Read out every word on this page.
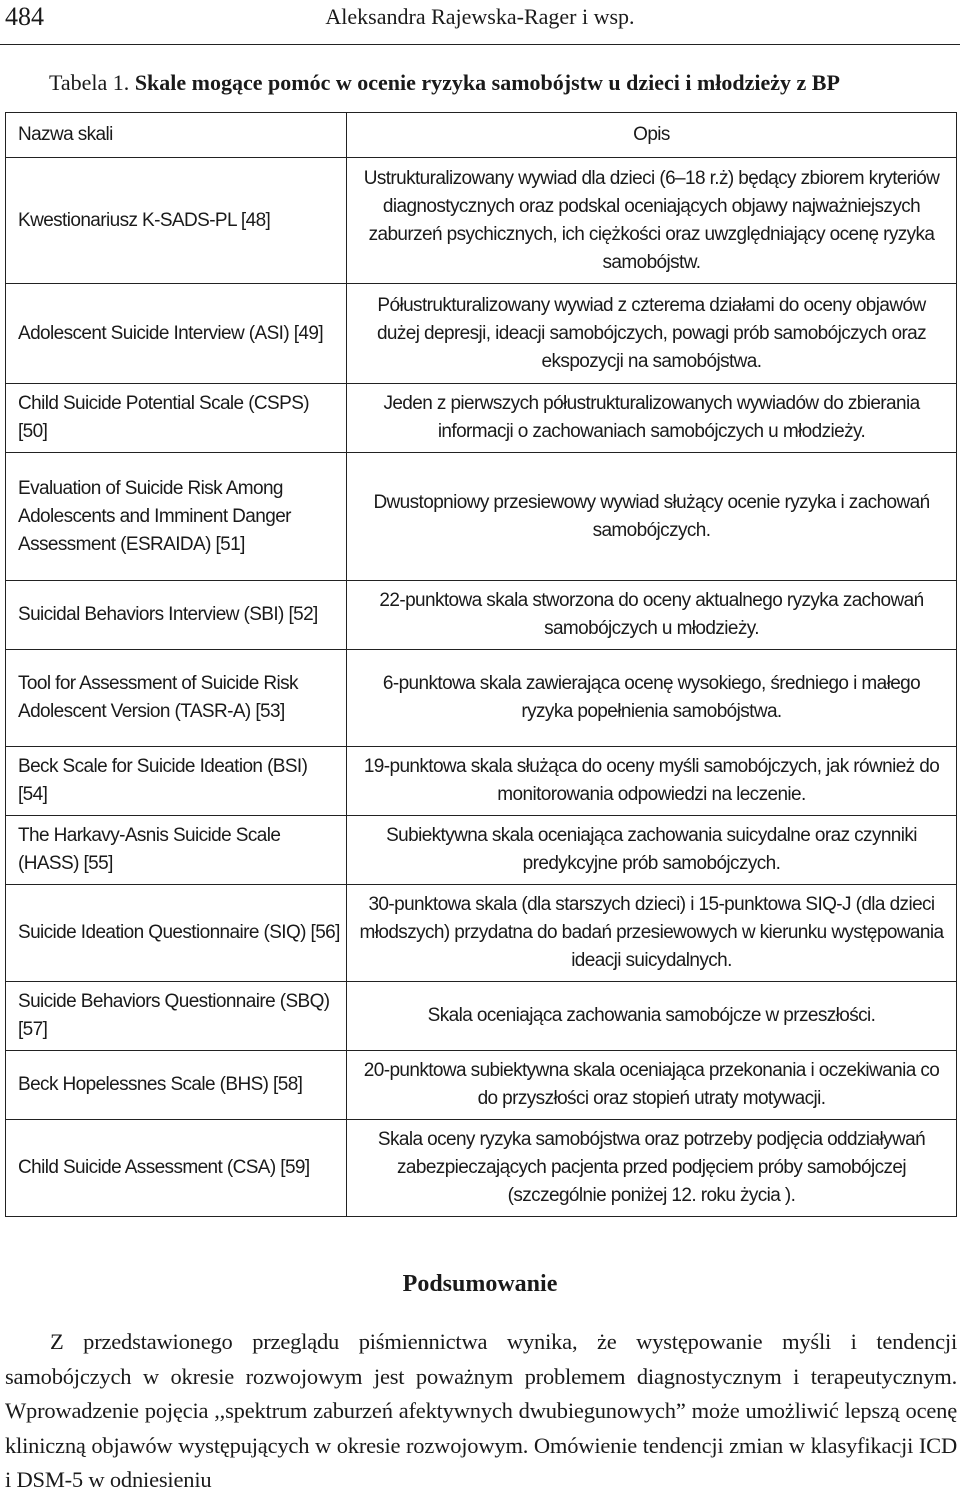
484	Aleksandra Rajewska-Rager i wsp.
Tabela 1. Skale mogące pomóc w ocenie ryzyka samobójstw u dzieci i młodzieży z BP
Nazwa skali	Opis
Kwestionariusz K-SADS-PL [48]	Ustrukturalizowany wywiad dla dzieci (6–18 r.ż) będący zbiorem kryteriów diagnostycznych oraz podskal oceniających objawy najważniejszych zaburzeń psychicznych, ich ciężkości oraz uwzględniający ocenę ryzyka samobójstw.
Adolescent Suicide Interview (ASI) [49]	Półustrukturalizowany wywiad z czterema działami do oceny objawów dużej depresji, ideacji samobójczych, powagi prób samobójczych oraz ekspozycji na samobójstwa.
Child Suicide Potential Scale (CSPS) [50]	Jeden z pierwszych półustrukturalizowanych wywiadów do zbierania informacji o zachowaniach samobójczych u młodzieży.
Evaluation of Suicide Risk Among Adolescents and Imminent Danger Assessment (ESRAIDA) [51]	Dwustopniowy przesiewowy wywiad służący ocenie ryzyka i zachowań samobójczych.
Suicidal Behaviors Interview (SBI) [52]	22-punktowa skala stworzona do oceny aktualnego ryzyka zachowań samobójczych u młodzieży.
Tool for Assessment of Suicide Risk Adolescent Version (TASR-A) [53]	6-punktowa skala zawierająca ocenę wysokiego, średniego i małego ryzyka popełnienia samobójstwa.
Beck Scale for Suicide Ideation (BSI) [54]	19-punktowa skala służąca do oceny myśli samobójczych, jak również do monitorowania odpowiedzi na leczenie.
The Harkavy-Asnis Suicide Scale (HASS) [55]	Subiektywna skala oceniająca zachowania suicydalne oraz czynniki predykcyjne prób samobójczych.
Suicide Ideation Questionnaire (SIQ) [56]	30-punktowa skala (dla starszych dzieci) i 15-punktowa SIQ-J (dla dzieci młodszych) przydatna do badań przesiewowych w kierunku występowania ideacji suicydalnych.
Suicide Behaviors Questionnaire (SBQ) [57]	Skala oceniająca zachowania samobójcze w przeszłości.
Beck Hopelessnes Scale (BHS) [58]	20-punktowa subiektywna skala oceniająca przekonania i oczekiwania co do przyszłości oraz stopień utraty motywacji.
Child Suicide Assessment (CSA) [59]	Skala oceny ryzyka samobójstwa oraz potrzeby podjęcia oddziaływań zabezpieczających pacjenta przed podjęciem próby samobójczej (szczególnie poniżej 12. roku życia ).
Podsumowanie
Z przedstawionego przeglądu piśmiennictwa wynika, że występowanie myśli i tendencji samobójczych w okresie rozwojowym jest poważnym problemem diagnostycznym i terapeutycznym. Wprowadzenie pojęcia ,,spektrum zaburzeń afektywnych dwubiegunowych” może umożliwić lepszą ocenę kliniczną objawów występujących w okresie rozwojowym. Omówienie tendencji zmian w klasyfikacji ICD i DSM-5 w odniesieniu
